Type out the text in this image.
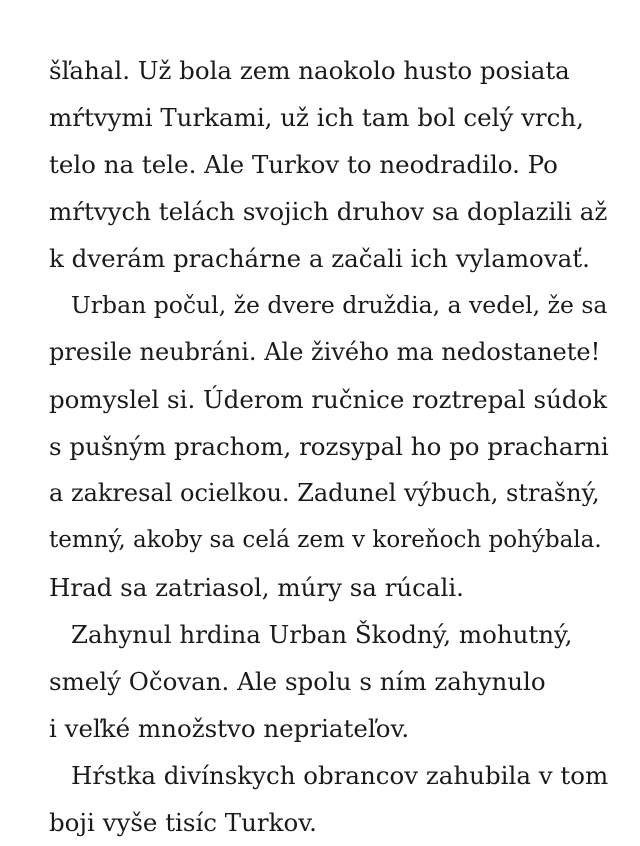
šľahal. Už bola zem naokolo husto posiata
mŕtvymi Turkami, už ich tam bol celý vrch,
telo na tele. Ale Turkov to neodradilo. Po
mŕtvych telách svojich druhov sa doplazili až
k dverám prachárne a začali ich vylamovať.
Urban počul, že dvere druždia, a vedel, že sa
presile neubráni. Ale živého ma nedostanete!
pomyslel si. Úderom ručnice roztrepal súdok
s pušným prachom, rozsypal ho po pracharni
a zakresal ocielkou. Zadunel výbuch, strašný,
temný, akoby sa celá zem v koreňoch pohýbala.
Hrad sa zatriasol, múry sa rúcali.
Zahynul hrdina Urban Škodný, mohutný,
smelý Očovan. Ale spolu s ním zahynulo
i veľké množstvo nepriateľov.
Hŕstka divínskych obrancov zahubila v tom
boji vyše tisíc Turkov.
